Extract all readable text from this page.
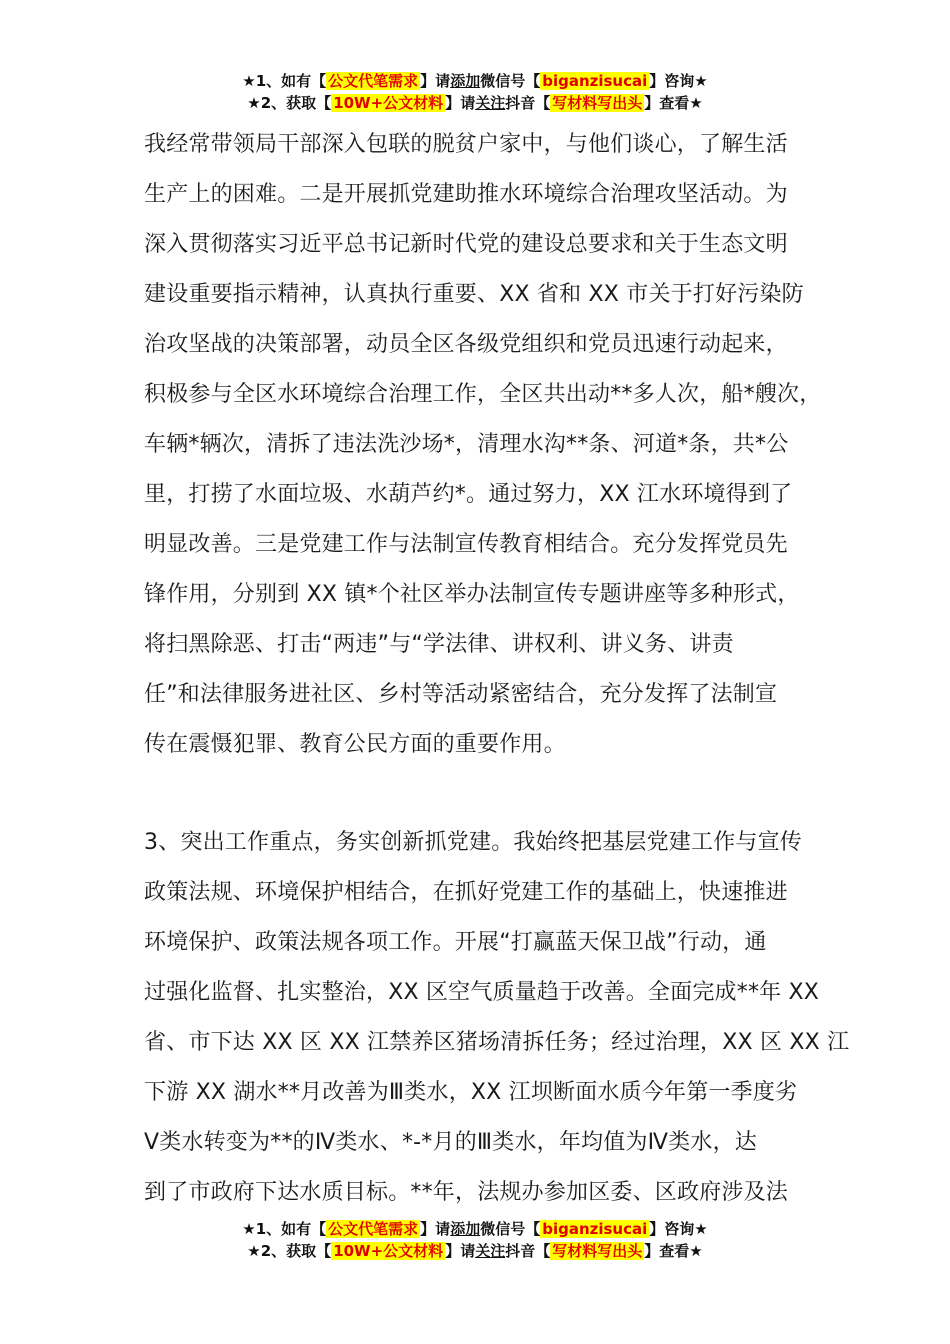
★1、如有【 公文代笔需求 】请添加微信号【 biganzisucai 】咨询★
★2、获取【 10W+公文材料 】请关注抖音【 写材料写出头 】查看★
我经常带领局干部深入包联的脱贫户家中，与他们谈心，了解生活
生产上的困难。二是开展抓党建助推水环境综合治理攻坚活动。为
深入贯彻落实习近平总书记新时代党的建设总要求和关于生态文明
建设重要指示精神，认真执行重要、XX 省和 XX 市关于打好污染防
治攻坚战的决策部署，动员全区各级党组织和党员迅速行动起来，
积极参与全区水环境综合治理工作，全区共出动**多人次，船*艘次，
车辆*辆次，清拆了违法洗沙场*，清理水沟**条、河道*条，共*公
里，打捞了水面垃圾、水葫芦约*。通过努力，XX 江水环境得到了
明显改善。三是党建工作与法制宣传教育相结合。充分发挥党员先
锋作用，分别到 XX 镇*个社区举办法制宣传专题讲座等多种形式，
将扫黑除恶、打击“两违”与“学法律、讲权利、讲义务、讲责
任”和法律服务进社区、乡村等活动紧密结合，充分发挥了法制宣
传在震慑犯罪、教育公民方面的重要作用。
3、突出工作重点，务实创新抓党建。我始终把基层党建工作与宣传
政策法规、环境保护相结合，在抓好党建工作的基础上，快速推进
环境保护、政策法规各项工作。开展“打赢蓝天保卫战”行动，通
过强化监督、扎实整治，XX 区空气质量趋于改善。全面完成**年 XX
省、市下达 XX 区 XX 江禁养区猪场清拆任务；经过治理，XX 区 XX 江
下游 XX 湖水**月改善为Ⅲ类水，XX 江坝断面水质今年第一季度劣
Ⅴ类水转变为**的Ⅳ类水、*-*月的Ⅲ类水，年均值为Ⅳ类水，达
到了市政府下达水质目标。**年，法规办参加区委、区政府涉及法
★1、如有【 公文代笔需求 】请添加微信号【 biganzisucai 】咨询★
★2、获取【 10W+公文材料 】请关注抖音【 写材料写出头 】查看★
